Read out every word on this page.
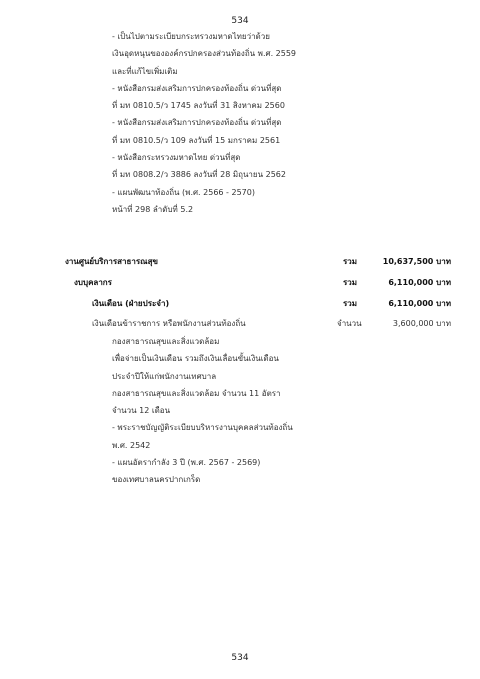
534
- เป็นไปตามระเบียบกระทรวงมหาดไทยว่าด้วย
เงินอุดหนุนขององค์กรปกครองส่วนท้องถิ่น พ.ศ. 2559
และที่แก้ไขเพิ่มเติม
- หนังสือกรมส่งเสริมการปกครองท้องถิ่น ด่วนที่สุด
ที่ มท 0810.5/ว 1745 ลงวันที่ 31 สิงหาคม 2560
- หนังสือกรมส่งเสริมการปกครองท้องถิ่น ด่วนที่สุด
ที่ มท 0810.5/ว 109 ลงวันที่ 15 มกราคม 2561
- หนังสือกระทรวงมหาดไทย ด่วนที่สุด
ที่ มท 0808.2/ว 3886 ลงวันที่ 28 มิถุนายน 2562
- แผนพัฒนาท้องถิ่น (พ.ศ. 2566 - 2570)
หน้าที่ 298 ลำดับที่ 5.2
งานศูนย์บริการสาธารณสุข	รวม	10,637,500 บาท
งบบุคลากร	รวม	6,110,000 บาท
เงินเดือน (ฝ่ายประจำ)	รวม	6,110,000 บาท
เงินเดือนข้าราชการ หรือพนักงานส่วนท้องถิ่น	จำนวน	3,600,000 บาท
กองสาธารณสุขและสิ่งแวดล้อม
เพื่อจ่ายเป็นเงินเดือน รวมถึงเงินเลื่อนขั้นเงินเดือน
ประจำปีให้แก่พนักงานเทศบาล
กองสาธารณสุขและสิ่งแวดล้อม จำนวน 11 อัตรา
จำนวน 12 เดือน
- พระราชบัญญัติระเบียบบริหารงานบุคคลส่วนท้องถิ่น
พ.ศ. 2542
- แผนอัตรากำลัง 3 ปี (พ.ศ. 2567 - 2569)
ของเทศบาลนครปากเกร็ด
534
